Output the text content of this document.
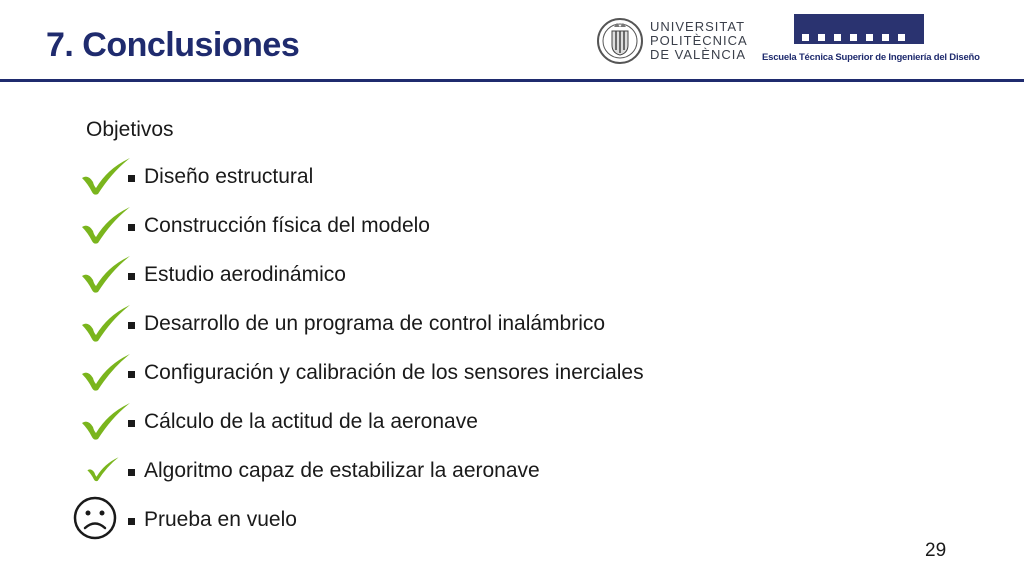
7. Conclusiones	UNIVERSITAT
POLITÈCNICA
DE VALÈNCIA Escuela Técnica Superior de Ingeniería del Diseño
Objetivos
Diseño estructural
Construcción física del modelo
Estudio aerodinámico
Desarrollo de un programa de control inalámbrico
Configuración y calibración de los sensores inerciales
Cálculo de la actitud de la aeronave
Algoritmo capaz de estabilizar la aeronave
Prueba en vuelo
29
